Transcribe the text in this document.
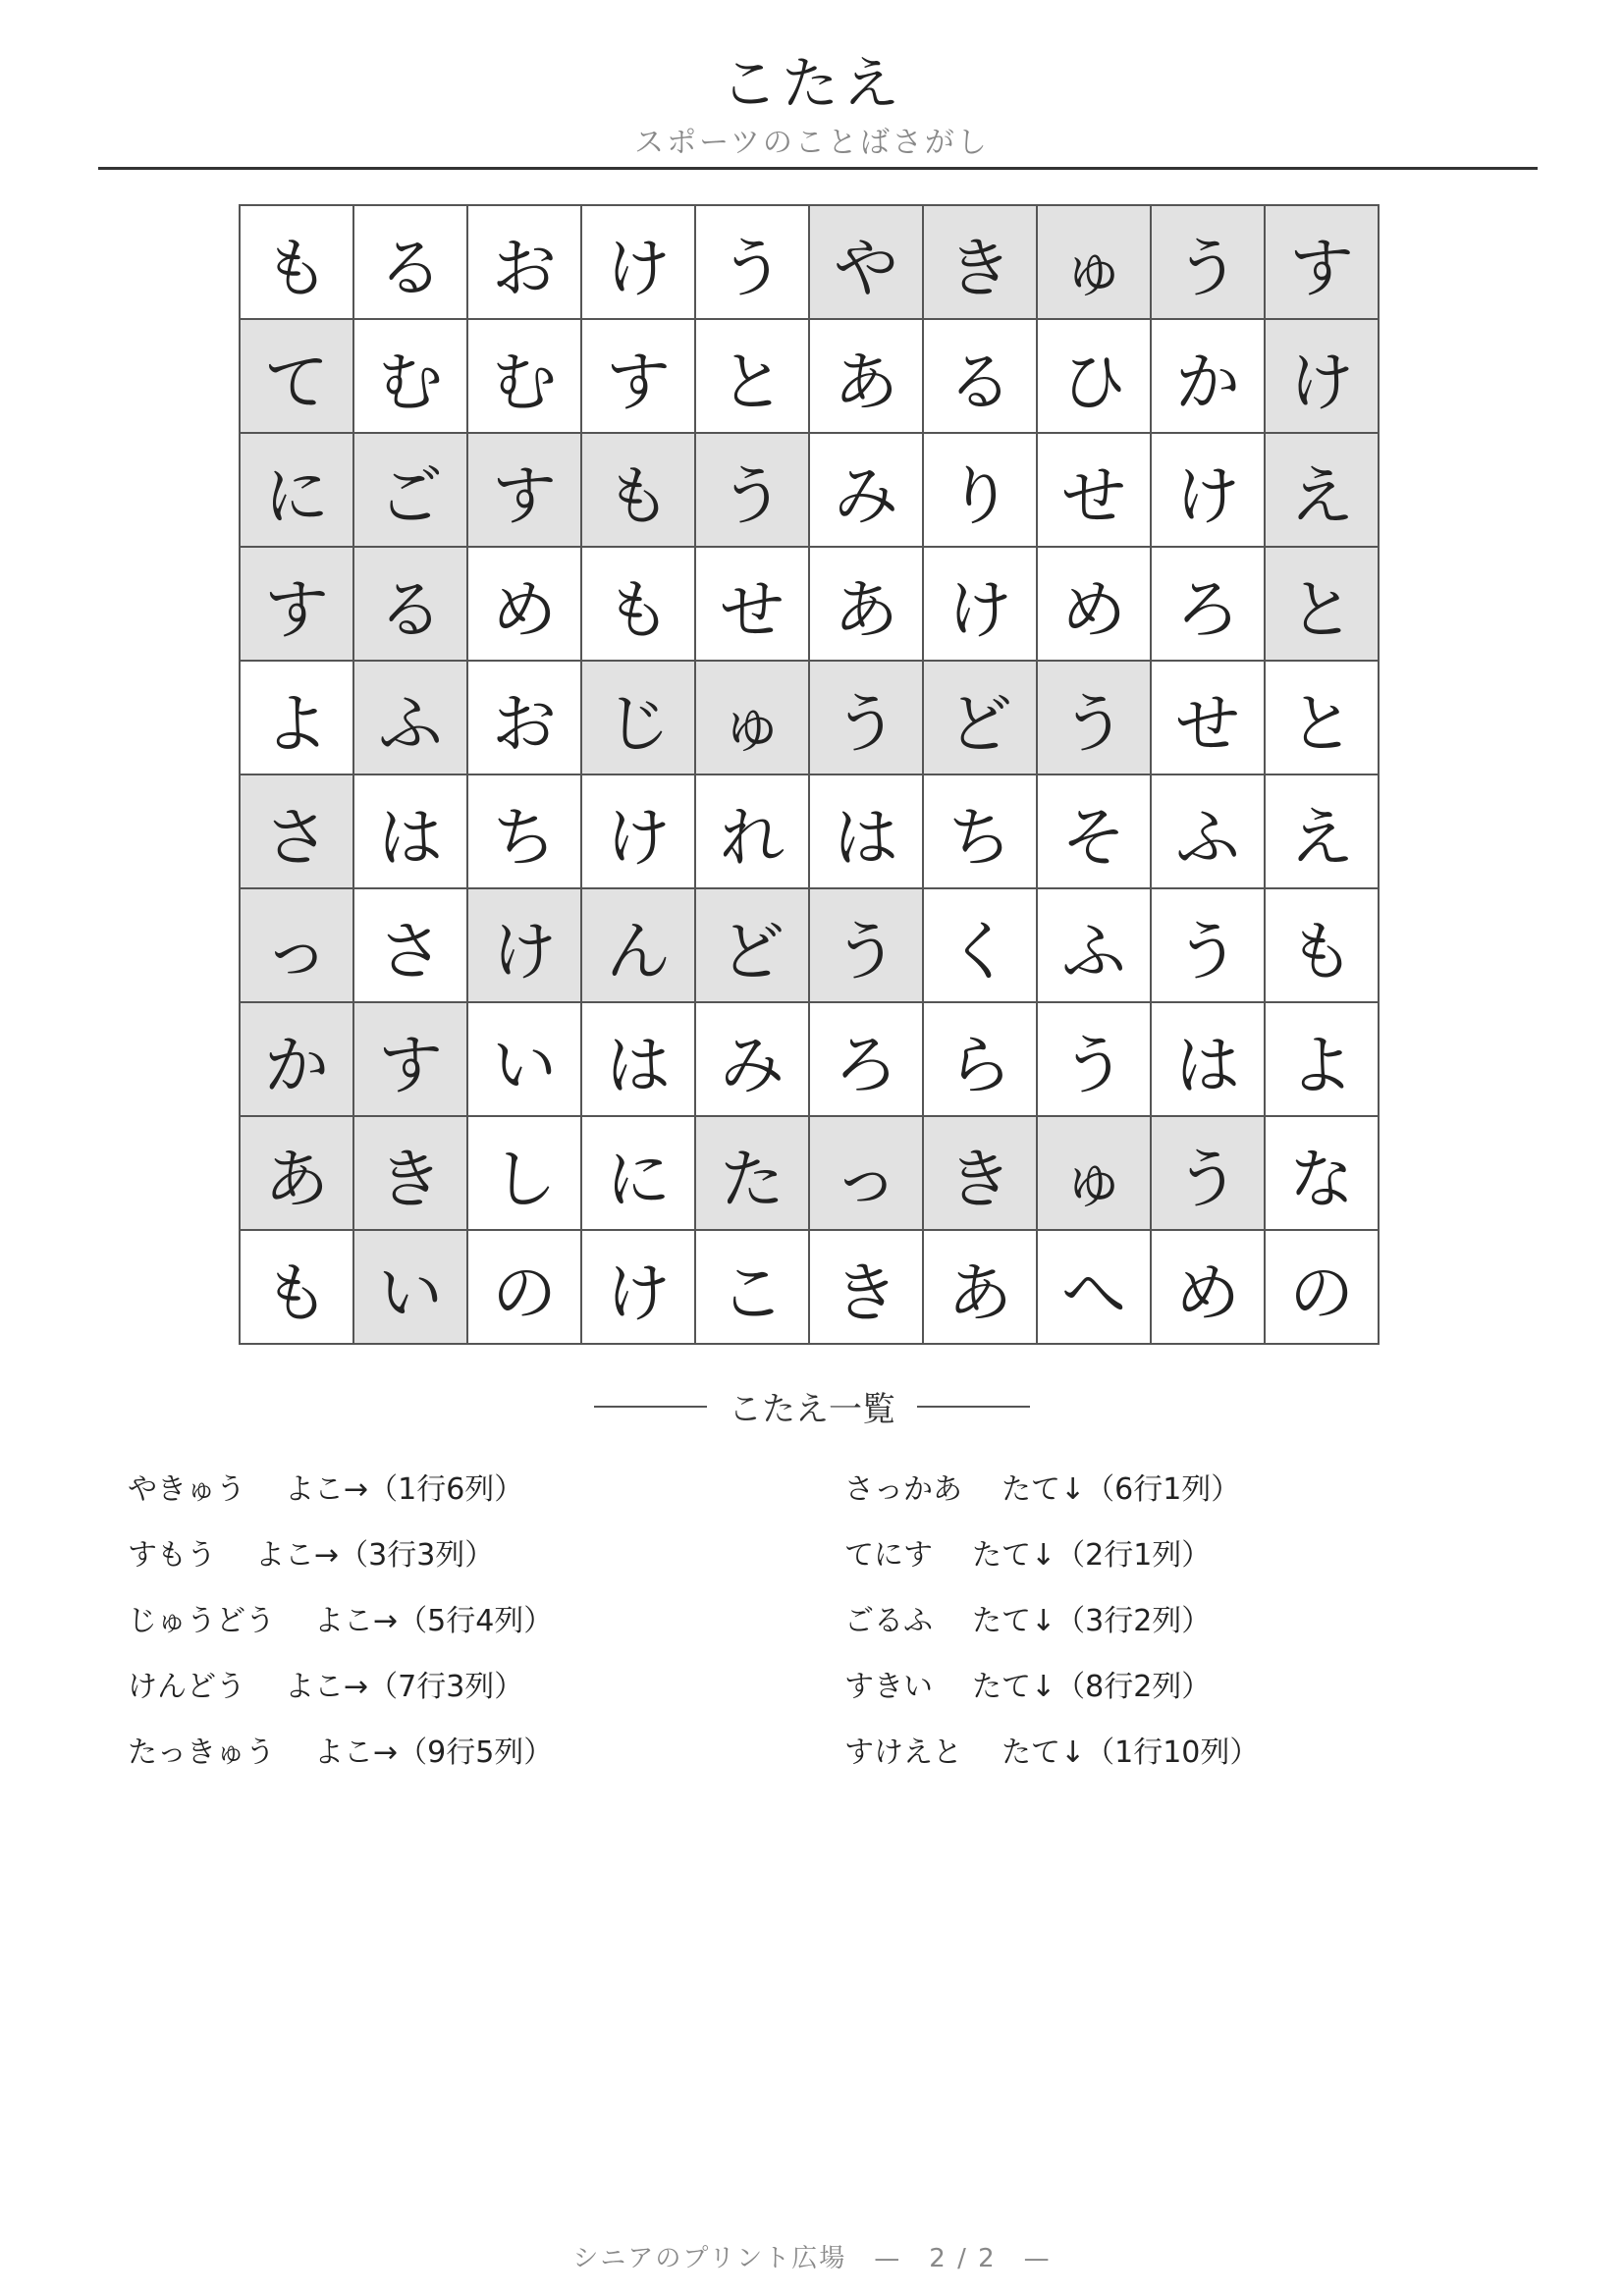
こたえ
スポーツのことばさがし
も る お け う や き ゅ う す
て む む す と あ る ひ か け
に ご す も う み り せ け え
す る め も せ あ け め ろ と
よ ふ お じ ゅ う ど う せ と
さ は ち け れ は ち そ ふ え
っ さ け ん ど う く ふ う も
か す い は み ろ ら う は よ
あ き し に た っ き ゅ う な
も い の け こ き あ へ め の
こたえ一覧
やきゅう よこ→（1行6列）	さっかあ たて↓（6行1列）
すもう よこ→（3行3列）	てにす たて↓（2行1列）
じゅうどう よこ→（5行4列）	ごるふ たて↓（3行2列）
けんどう よこ→（7行3列）	すきい たて↓（8行2列）
たっきゅう よこ→（9行5列）	すけえと たて↓（1行10列）
シニアのプリント広場　—　2 / 2　—
